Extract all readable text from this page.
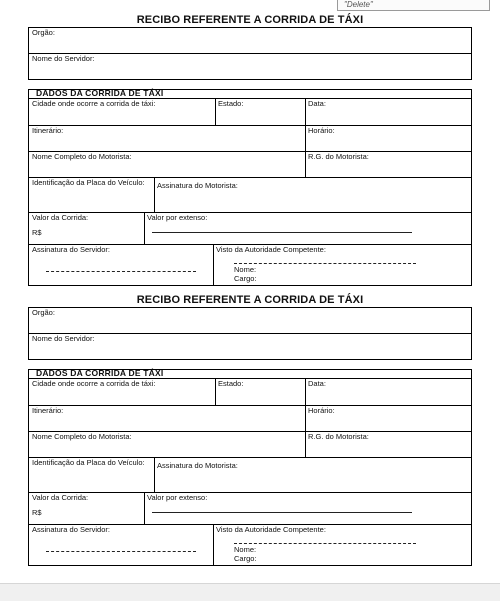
"Delete"
RECIBO REFERENTE A CORRIDA DE TÁXI
Orgão:
Nome do Servidor:
DADOS DA CORRIDA DE TÁXI
Cidade onde ocorre a corrida de táxi:	Estado:	Data:
Itinerário:	Horário:
Nome Completo do Motorista:	R.G. do Motorista:
Identificação da Placa do Veículo:	Assinatura do Motorista:
Valor da Corrida:
R$
Valor por extenso:
Assinatura do Servidor:	Visto da Autoridade Competente:
Nome:
Cargo:
RECIBO REFERENTE A CORRIDA DE TÁXI
Orgão:
Nome do Servidor:
DADOS DA CORRIDA DE TÁXI
Cidade onde ocorre a corrida de táxi:	Estado:	Data:
Itinerário:	Horário:
Nome Completo do Motorista:	R.G. do Motorista:
Identificação da Placa do Veículo:	Assinatura do Motorista:
Valor da Corrida:
R$
Valor por extenso:
Assinatura do Servidor:	Visto da Autoridade Competente:
Nome:
Cargo:
